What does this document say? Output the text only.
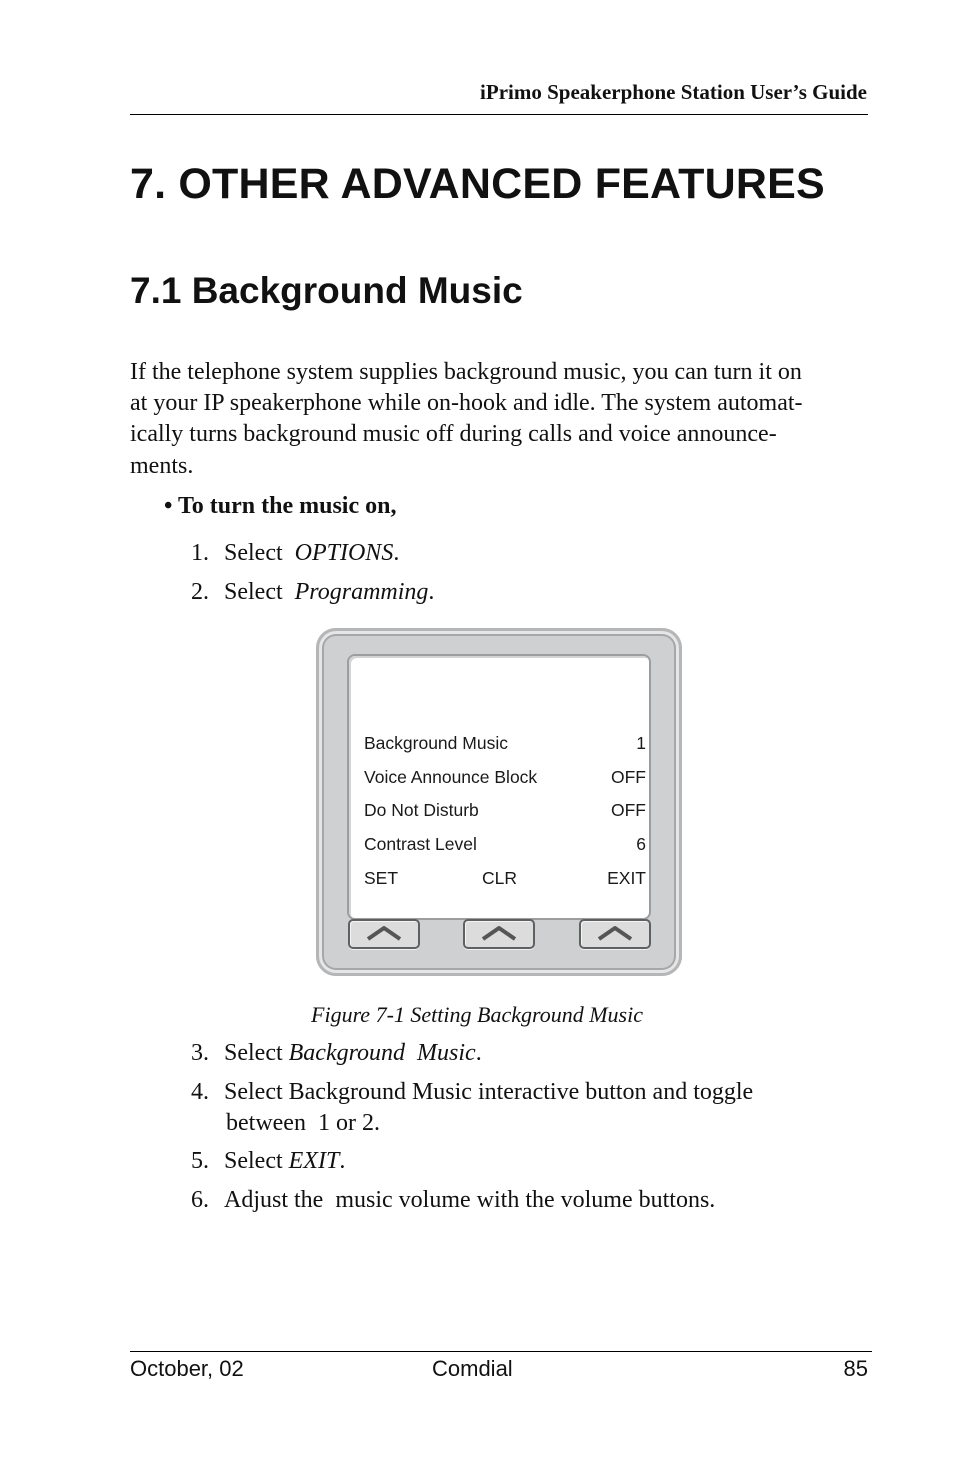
iPrimo Speakerphone Station User’s Guide
7. OTHER ADVANCED FEATURES
7.1 Background Music

If the telephone system supplies background music, you can turn it on
at your IP speakerphone while on-hook and idle. The system automat-
ically turns background music off during calls and voice announce-
ments.

• To turn the music on,
1. Select  OPTIONS.
2. Select  Programming.
Background Music	1
Voice Announce Block	OFF
Do Not Disturb	OFF
Contrast Level	6
SET	CLR	EXIT
Figure 7-1 Setting Background Music
3. Select Background  Music.
4. Select Background Music interactive button and toggle
between  1 or 2.
5. Select EXIT.
6. Adjust the  music volume with the volume buttons.
October, 02	Comdial	85
